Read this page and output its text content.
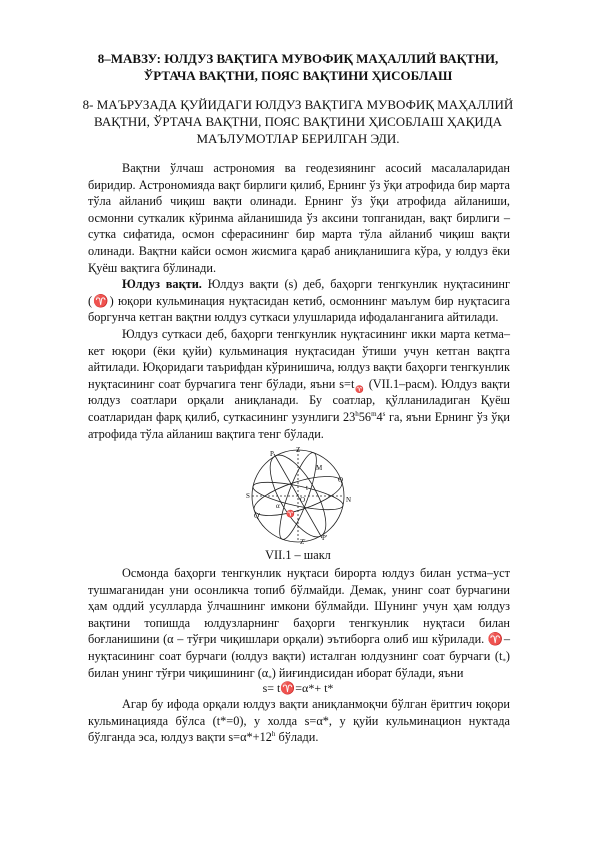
8–МАВЗУ: ЮЛДУЗ ВАҚТИГА МУВОФИҚ МАҲАЛЛИЙ ВАҚТНИ,
ЎРТАЧА ВАҚТНИ, ПОЯС ВАҚТИНИ ҲИСОБЛАШ
8- МАЪРУЗАДА ҚУЙИДАГИ ЮЛДУЗ ВАҚТИГА МУВОФИҚ МАҲАЛЛИЙ
ВАҚТНИ, ЎРТАЧА ВАҚТНИ, ПОЯС ВАҚТИНИ ҲИСОБЛАШ ҲАҚИДА
МАЪЛУМОТЛАР БЕРИЛГАН ЭДИ.

Вақтни ўлчаш астрономия ва геодезиянинг асосий масалаларидан биридир. Астрономияда вақт бирлиги қилиб, Ернинг ўз ўқи атрофида бир марта тўла айланиб чиқиш вақти олинади. Ернинг ўз ўқи атрофида айланиши, осмонни суткалик кўринма айланишида ўз аксини топганидан, вақт бирлиги – сутка сифатида, осмон сферасининг бир марта тўла айланиб чиқиш вақти олинади. Вақтни кайси осмон жисмига қараб аниқланишига кўра, у юлдуз ёки Қуёш вақтига бўлинади.

Юлдуз вақти. Юлдуз вақти (s) деб, баҳорги тенгкунлик нуқтасининг (♈) юқори кульминация нуқтасидан кетиб, осмоннинг маълум бир нуқтасига боргунча кетган вақтни юлдуз суткаси улушларида ифодаланганига айтилади.

Юлдуз суткаси деб, баҳорги тенгкунлик нуқтасининг икки марта кетма–кет юқори (ёки қуйи) кульминация нуқтасидан ўтиши учун кетган вақтга айтилади. Юқоридаги таърифдан кўринишича, юлдуз вақти баҳорги тенгкунлик нуқтасининг соат бурчагига тенг бўлади, яъни $s=t_♈$ (VII.1–расм). Юлдуз вақти юлдуз соатлари орқали аниқланади. Бу соатлар, қўлланиладиган Қуёш соатларидан фарқ қилиб, суткасининг узунлиги 23$^h$56$^m$4$^s$ га, яъни Ернинг ўз ўқи атрофида тўла айланиш вақтига тенг бўлади.

P	Z
Q
M
S	N
♈
t
α
Z' P'
Q'
O
VII.1 – шакл

Осмонда баҳорги тенгкунлик нуқтаси бирорта юлдуз билан устма–уст тушмаганидан уни осонликча топиб бўлмайди. Демак, унинг соат бурчагини ҳам оддий усулларда ўлчашнинг имкони бўлмайди. Шунинг учун ҳам юлдуз вақтини топишда юлдузларнинг баҳорги тенгкунлик нуқтаси билан боғланишини (α – тўғри чиқишлари орқали) эътиборга олиб иш кўрилади. ♈–нуқтасининг соат бурчаги (юлдуз вақти) исталган юлдузнинг соат бурчаги $(t_*)$ билан унинг тўғри чиқишининг $(\alpha_*)$ йиғиндисидан иборат бўлади, яъни

s= t♈=α*+ t*

Агар бу ифода орқали юлдуз вақти аниқланмоқчи бўлган ёритгич юқори кульминацияда бўлса (t*=0), у холда s=α*, у қуйи кульминацион нуктада бўлганда эса, юлдуз вақти $s=\alpha*+12^h$ бўлади.
